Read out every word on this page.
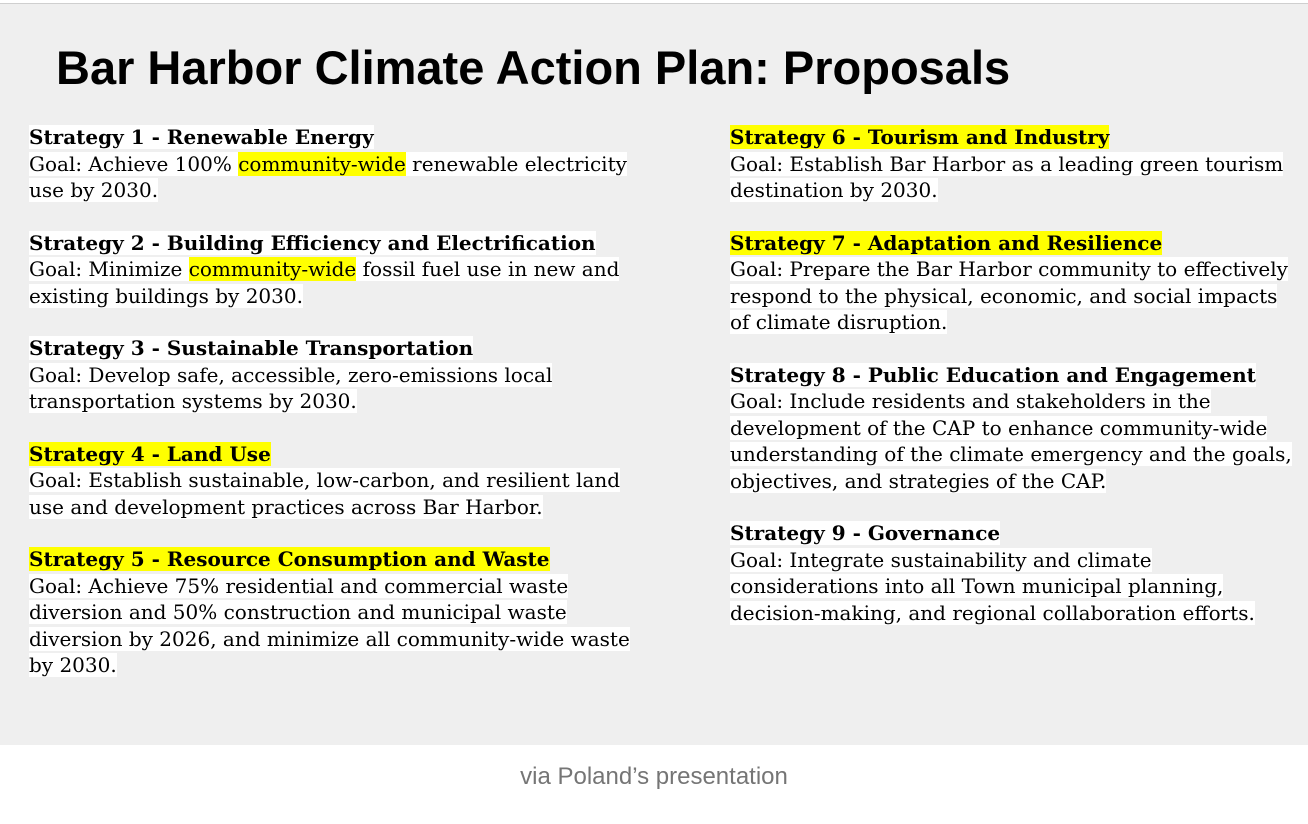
Bar Harbor Climate Action Plan: Proposals
Strategy 1 - Renewable Energy
Goal: Achieve 100% community-wide renewable electricity use by 2030.
Strategy 2 - Building Efficiency and Electrification
Goal: Minimize community-wide fossil fuel use in new and existing buildings by 2030.
Strategy 3 - Sustainable Transportation
Goal: Develop safe, accessible, zero-emissions local transportation systems by 2030.
Strategy 4 - Land Use
Goal: Establish sustainable, low-carbon, and resilient land use and development practices across Bar Harbor.
Strategy 5 - Resource Consumption and Waste
Goal: Achieve 75% residential and commercial waste diversion and 50% construction and municipal waste diversion by 2026, and minimize all community-wide waste by 2030.
Strategy 6 - Tourism and Industry
Goal: Establish Bar Harbor as a leading green tourism destination by 2030.
Strategy 7 - Adaptation and Resilience
Goal: Prepare the Bar Harbor community to effectively respond to the physical, economic, and social impacts of climate disruption.
Strategy 8 - Public Education and Engagement
Goal: Include residents and stakeholders in the development of the CAP to enhance community-wide understanding of the climate emergency and the goals, objectives, and strategies of the CAP.
Strategy 9 - Governance
Goal: Integrate sustainability and climate considerations into all Town municipal planning, decision-making, and regional collaboration efforts.
via Poland’s presentation
